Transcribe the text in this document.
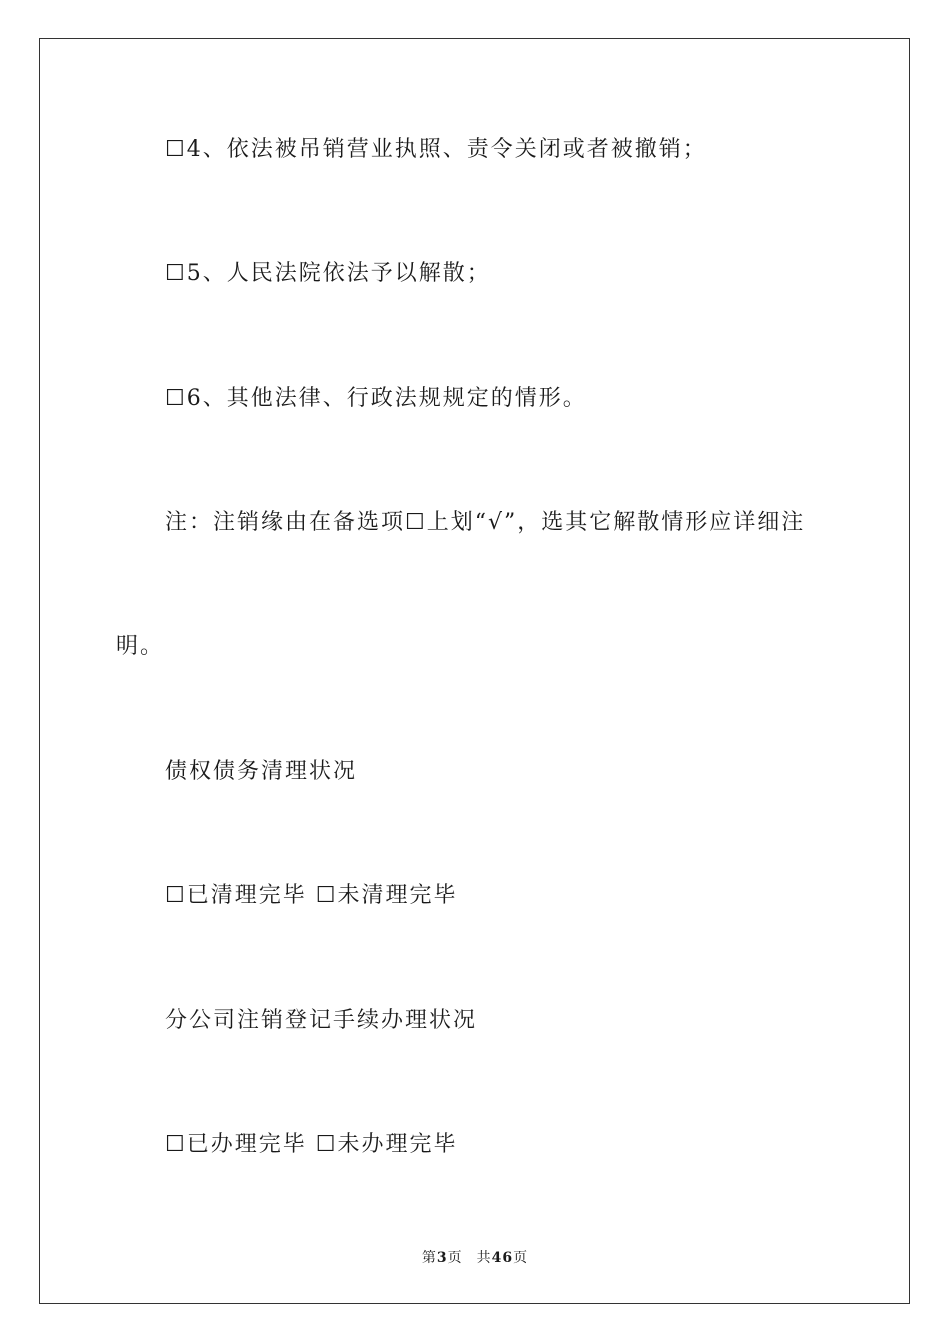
☐4、依法被吊销营业执照、责令关闭或者被撤销；
☐5、人民法院依法予以解散；
☐6、其他法律、行政法规规定的情形。
注：注销缘由在备选项☐上划“√”，选其它解散情形应详细注
明。
债权债务清理状况
☐已清理完毕 ☐未清理完毕
分公司注销登记手续办理状况
☐已办理完毕 ☐未办理完毕
第3页 共46页
